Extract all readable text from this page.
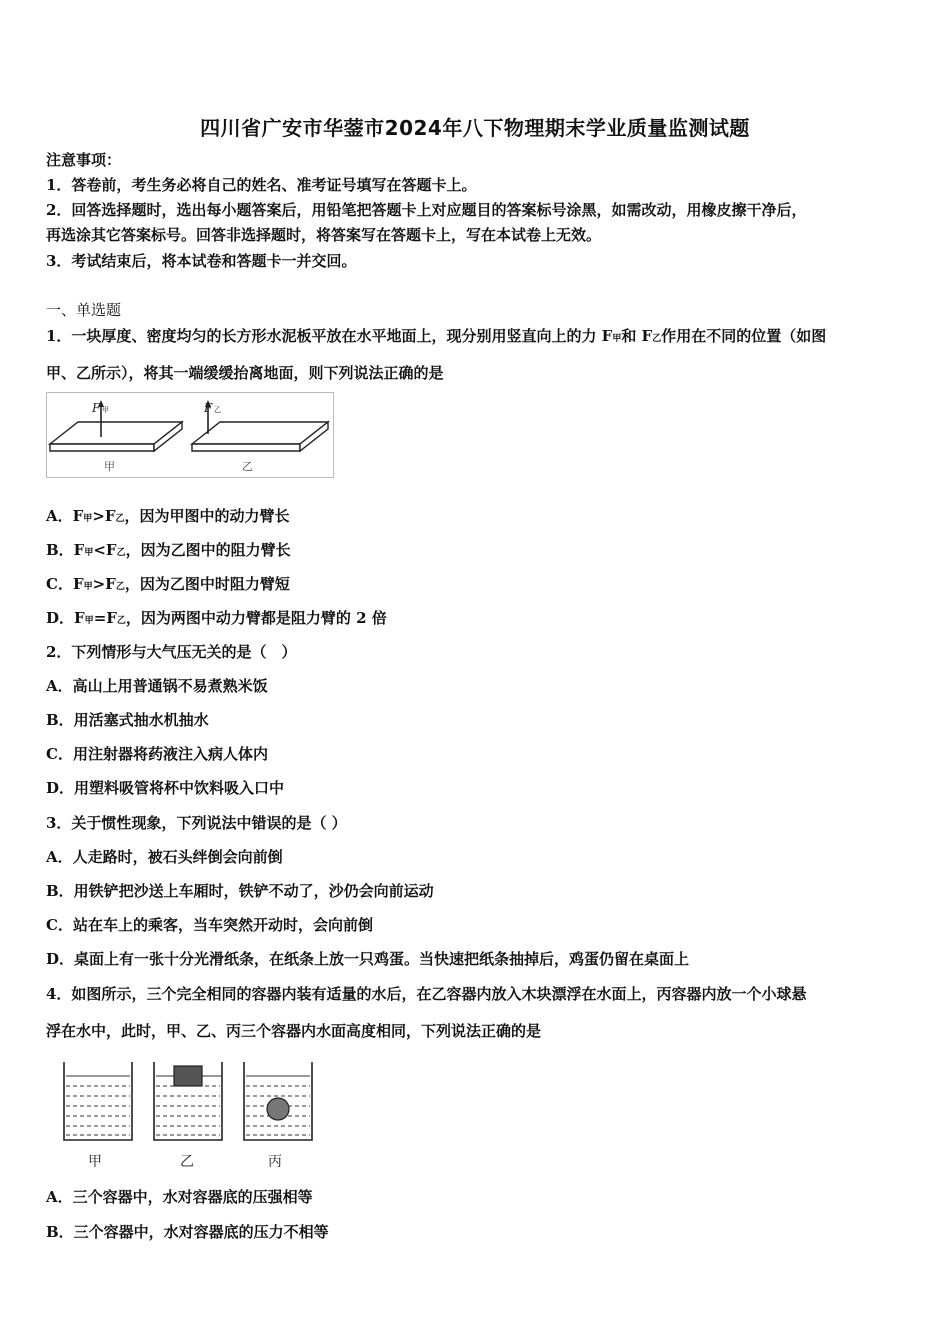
四川省广安市华蓥市2024年八下物理期末学业质量监测试题
注意事项：
1．答卷前，考生务必将自己的姓名、准考证号填写在答题卡上。
2．回答选择题时，选出每小题答案后，用铅笔把答题卡上对应题目的答案标号涂黑，如需改动，用橡皮擦干净后，
再选涂其它答案标号。回答非选择题时，将答案写在答题卡上，写在本试卷上无效。
3．考试结束后，将本试卷和答题卡一并交回。
一、单选题
1．一块厚度、密度均匀的长方形水泥板平放在水平地面上，现分别用竖直向上的力 F甲和 F乙作用在不同的位置（如图
甲、乙所示），将其一端缓缓抬离地面，则下列说法正确的是
F 甲
甲
F 乙
乙
A．F甲>F乙，因为甲图中的动力臂长
B．F甲<F乙，因为乙图中的阻力臂长
C．F甲>F乙，因为乙图中时阻力臂短
D．F甲=F乙，因为两图中动力臂都是阻力臂的 2 倍
2．下列情形与大气压无关的是（　）
A．高山上用普通锅不易煮熟米饭
B．用活塞式抽水机抽水
C．用注射器将药液注入病人体内
D．用塑料吸管将杯中饮料吸入口中
3．关于惯性现象，下列说法中错误的是（ ）
A．人走路时，被石头绊倒会向前倒
B．用铁铲把沙送上车厢时，铁铲不动了，沙仍会向前运动
C．站在车上的乘客，当车突然开动时，会向前倒
D．桌面上有一张十分光滑纸条，在纸条上放一只鸡蛋。当快速把纸条抽掉后，鸡蛋仍留在桌面上
4．如图所示，三个完全相同的容器内装有适量的水后，在乙容器内放入木块漂浮在水面上，丙容器内放一个小球悬
浮在水中，此时，甲、乙、丙三个容器内水面高度相同，下列说法正确的是
甲	乙	丙
A．三个容器中，水对容器底的压强相等
B．三个容器中，水对容器底的压力不相等
